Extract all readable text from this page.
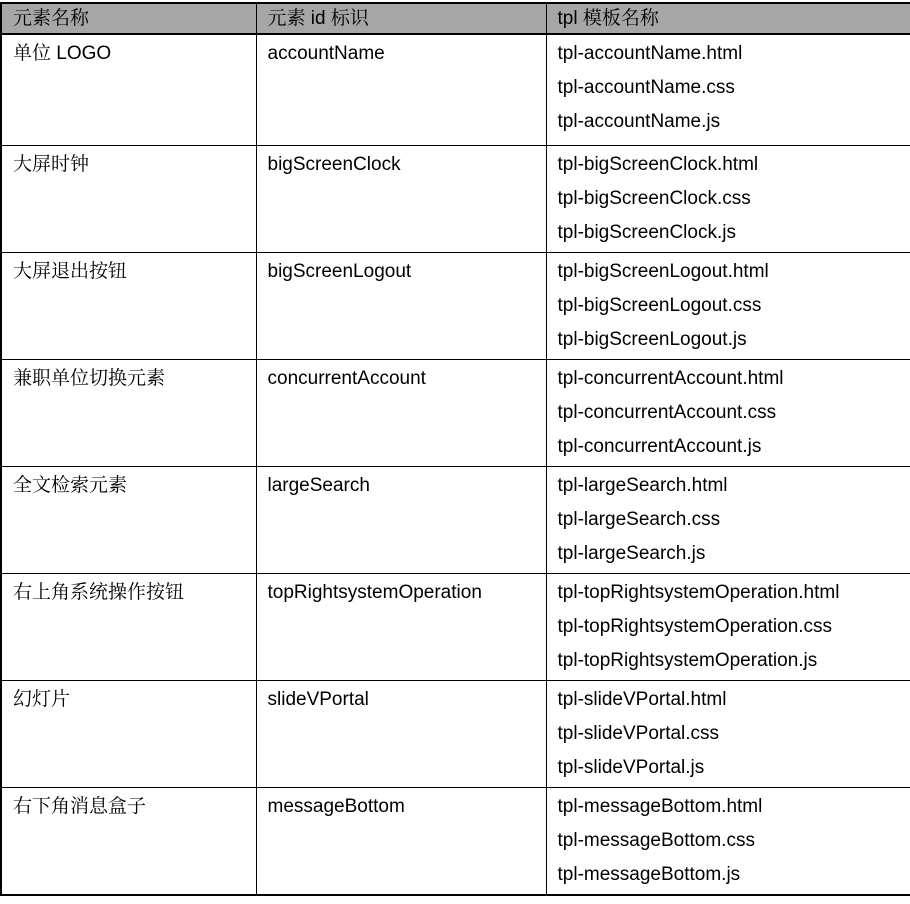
元素名称	元素 id 标识	tpl 模板名称
单位 LOGO	accountName	tpl-accountName.html
tpl-accountName.css
tpl-accountName.js

大屏时钟	bigScreenClock	tpl-bigScreenClock.html
tpl-bigScreenClock.css
tpl-bigScreenClock.js

大屏退出按钮	bigScreenLogout	tpl-bigScreenLogout.html
tpl-bigScreenLogout.css
tpl-bigScreenLogout.js

兼职单位切换元素	concurrentAccount	tpl-concurrentAccount.html
tpl-concurrentAccount.css
tpl-concurrentAccount.js

全文检索元素	largeSearch	tpl-largeSearch.html
tpl-largeSearch.css
tpl-largeSearch.js

右上角系统操作按钮	topRightsystemOperation	tpl-topRightsystemOperation.html
tpl-topRightsystemOperation.css
tpl-topRightsystemOperation.js

幻灯片	slideVPortal	tpl-slideVPortal.html
tpl-slideVPortal.css
tpl-slideVPortal.js

右下角消息盒子	messageBottom	tpl-messageBottom.html
tpl-messageBottom.css
tpl-messageBottom.js
